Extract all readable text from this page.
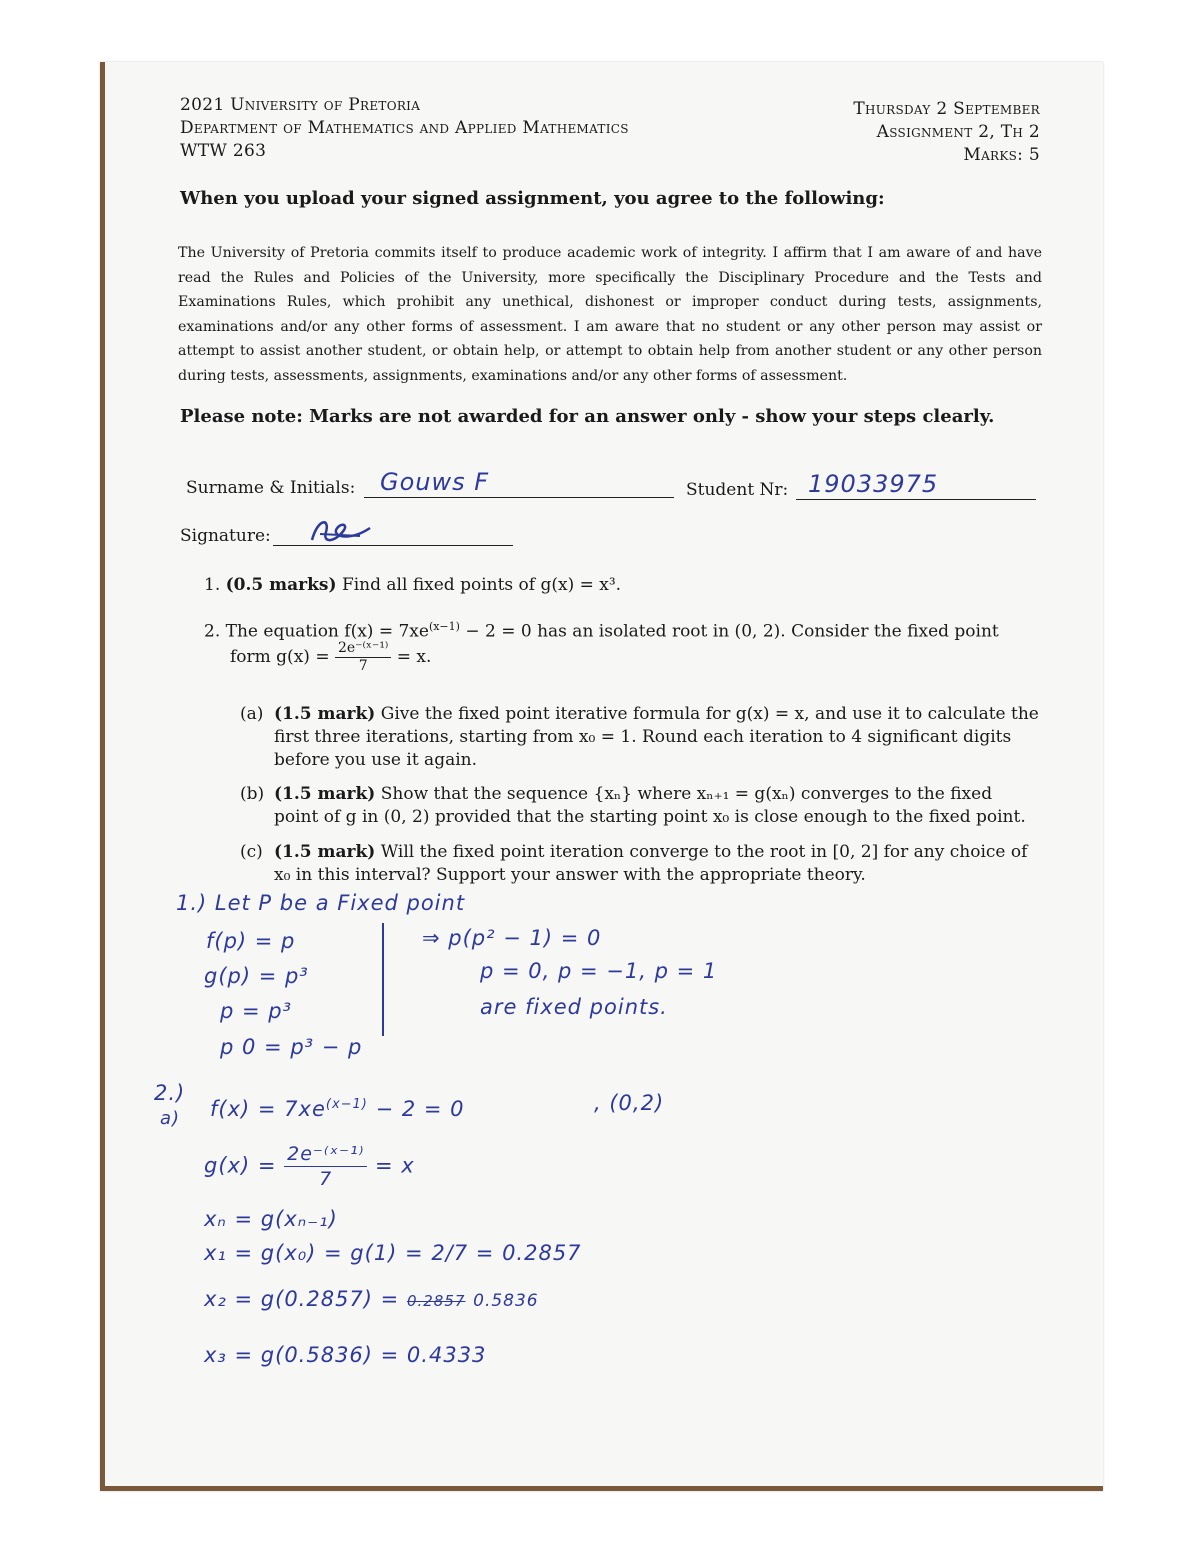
2021 University of Pretoria
Department of Mathematics and Applied Mathematics
WTW 263
Thursday 2 September
Assignment 2, Th 2
Marks: 5
When you upload your signed assignment, you agree to the following:
The University of Pretoria commits itself to produce academic work of integrity. I affirm that I am aware of and have read the Rules and Policies of the University, more specifically the Disciplinary Procedure and the Tests and Examinations Rules, which prohibit any unethical, dishonest or improper conduct during tests, assignments, examinations and/or any other forms of assessment. I am aware that no student or any other person may assist or attempt to assist another student, or obtain help, or attempt to obtain help from another student or any other person during tests, assessments, assignments, examinations and/or any other forms of assessment.
Please note: Marks are not awarded for an answer only - show your steps clearly.
Surname & Initials: Gouws F	Student Nr: 19033975
Signature:
1. (0.5 marks) Find all fixed points of g(x) = x³.
2. The equation $f(x) = 7xe^{(x-1)} - 2 = 0$ has an isolated root in (0, 2). Consider the fixed point
form $g(x) = \frac{\text{2e⁻⁽ˣ⁻¹⁾}}{7} = x$.
(a) (1.5 mark) Give the fixed point iterative formula for g(x) = x, and use it to calculate the first three iterations, starting from x₀ = 1. Round each iteration to 4 significant digits before you use it again.
(b) (1.5 mark) Show that the sequence {xₙ} where xₙ₊₁ = g(xₙ) converges to the fixed point of g in (0, 2) provided that the starting point x₀ is close enough to the fixed point.
(c) (1.5 mark) Will the fixed point iteration converge to the root in [0, 2] for any choice of x₀ in this interval? Support your answer with the appropriate theory.
1.) Let P be a Fixed point
f(p) = p
g(p) = p³
p = p³
p 0 = p³ − p
⇒ p(p² − 1) = 0
p = 0, p = −1, p = 1
are fixed points.
2.)
a) $f(x) = 7xe^{(x-1)} - 2 = 0$	, (0,2)
$g(x) = \frac{\text{2e⁻⁽ˣ⁻¹⁾}}{7} = x$
xₙ = g(xₙ₋₁)
x₁ = g(x₀) = g(1) = 2/7 = 0.2857
x₂ = g(0.2857) = 0.2857 0.5836
x₃ = g(0.5836) = 0.4333
